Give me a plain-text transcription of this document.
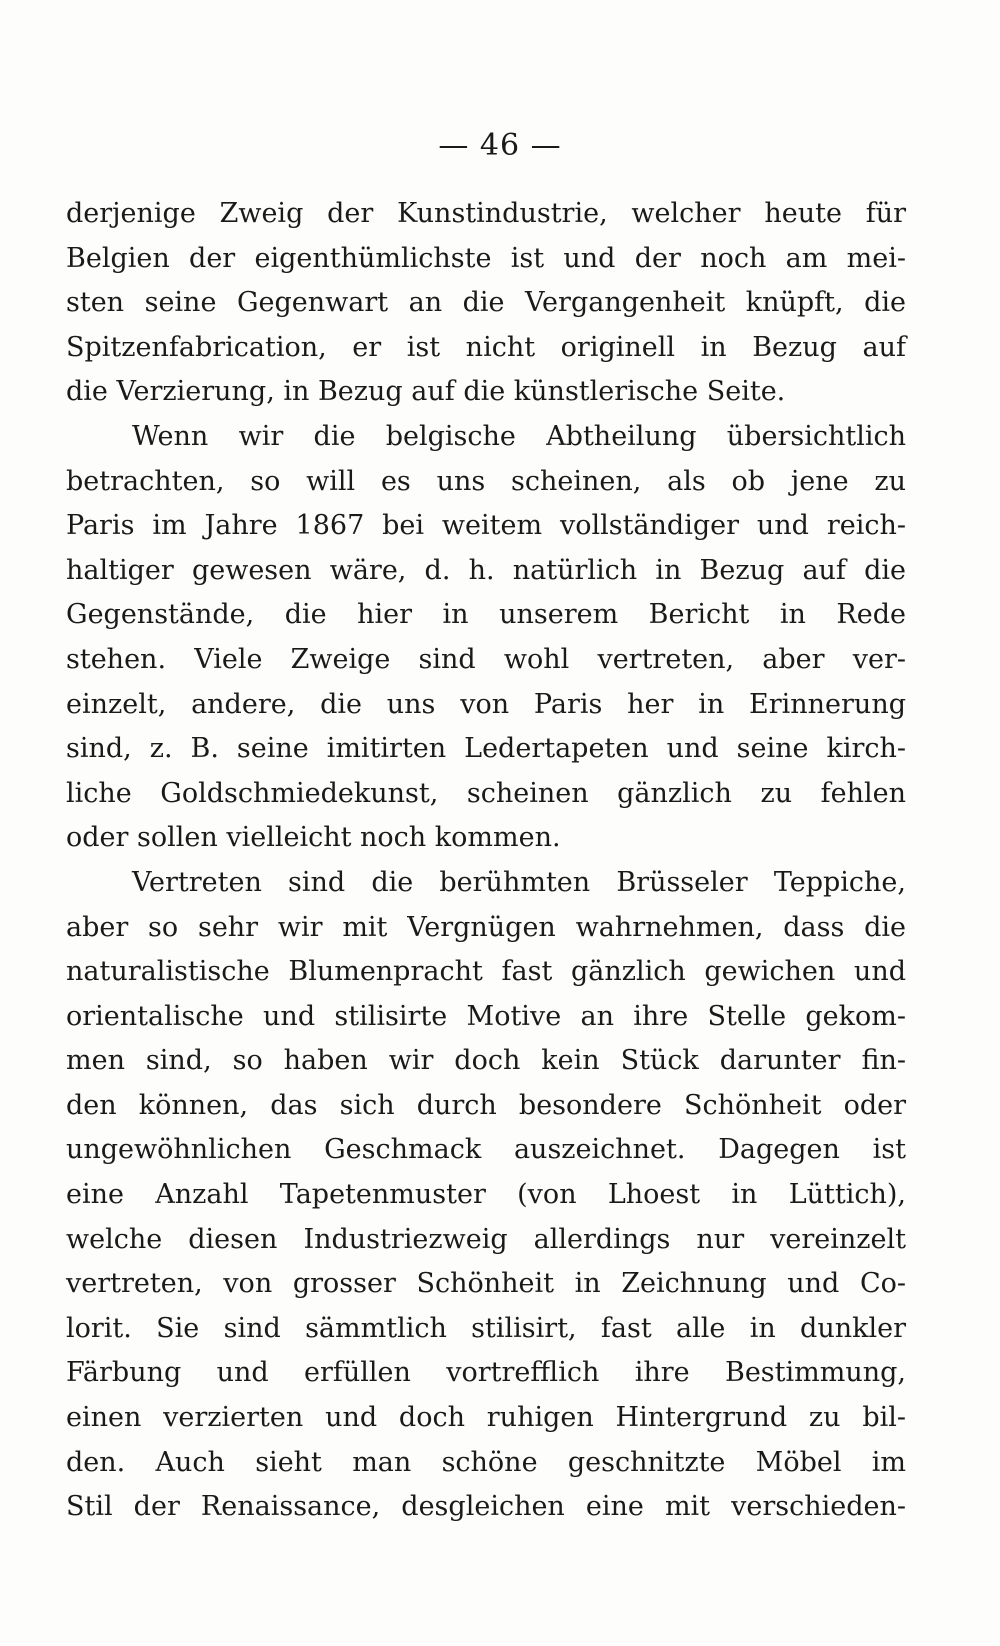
— 46 —
derjenige Zweig der Kunstindustrie, welcher heute für
Belgien der eigenthümlichste ist und der noch am mei-
sten seine Gegenwart an die Vergangenheit knüpft, die
Spitzenfabrication, er ist nicht originell in Bezug auf
die Verzierung, in Bezug auf die künstlerische Seite.
Wenn wir die belgische Abtheilung übersichtlich
betrachten, so will es uns scheinen, als ob jene zu
Paris im Jahre 1867 bei weitem vollständiger und reich-
haltiger gewesen wäre, d. h. natürlich in Bezug auf die
Gegenstände, die hier in unserem Bericht in Rede
stehen. Viele Zweige sind wohl vertreten, aber ver-
einzelt, andere, die uns von Paris her in Erinnerung
sind, z. B. seine imitirten Ledertapeten und seine kirch-
liche Goldschmiedekunst, scheinen gänzlich zu fehlen
oder sollen vielleicht noch kommen.
Vertreten sind die berühmten Brüsseler Teppiche,
aber so sehr wir mit Vergnügen wahrnehmen, dass die
naturalistische Blumenpracht fast gänzlich gewichen und
orientalische und stilisirte Motive an ihre Stelle gekom-
men sind, so haben wir doch kein Stück darunter fin-
den können, das sich durch besondere Schönheit oder
ungewöhnlichen Geschmack auszeichnet. Dagegen ist
eine Anzahl Tapetenmuster (von Lhoest in Lüttich),
welche diesen Industriezweig allerdings nur vereinzelt
vertreten, von grosser Schönheit in Zeichnung und Co-
lorit. Sie sind sämmtlich stilisirt, fast alle in dunkler
Färbung und erfüllen vortrefflich ihre Bestimmung,
einen verzierten und doch ruhigen Hintergrund zu bil-
den. Auch sieht man schöne geschnitzte Möbel im
Stil der Renaissance, desgleichen eine mit verschieden-
